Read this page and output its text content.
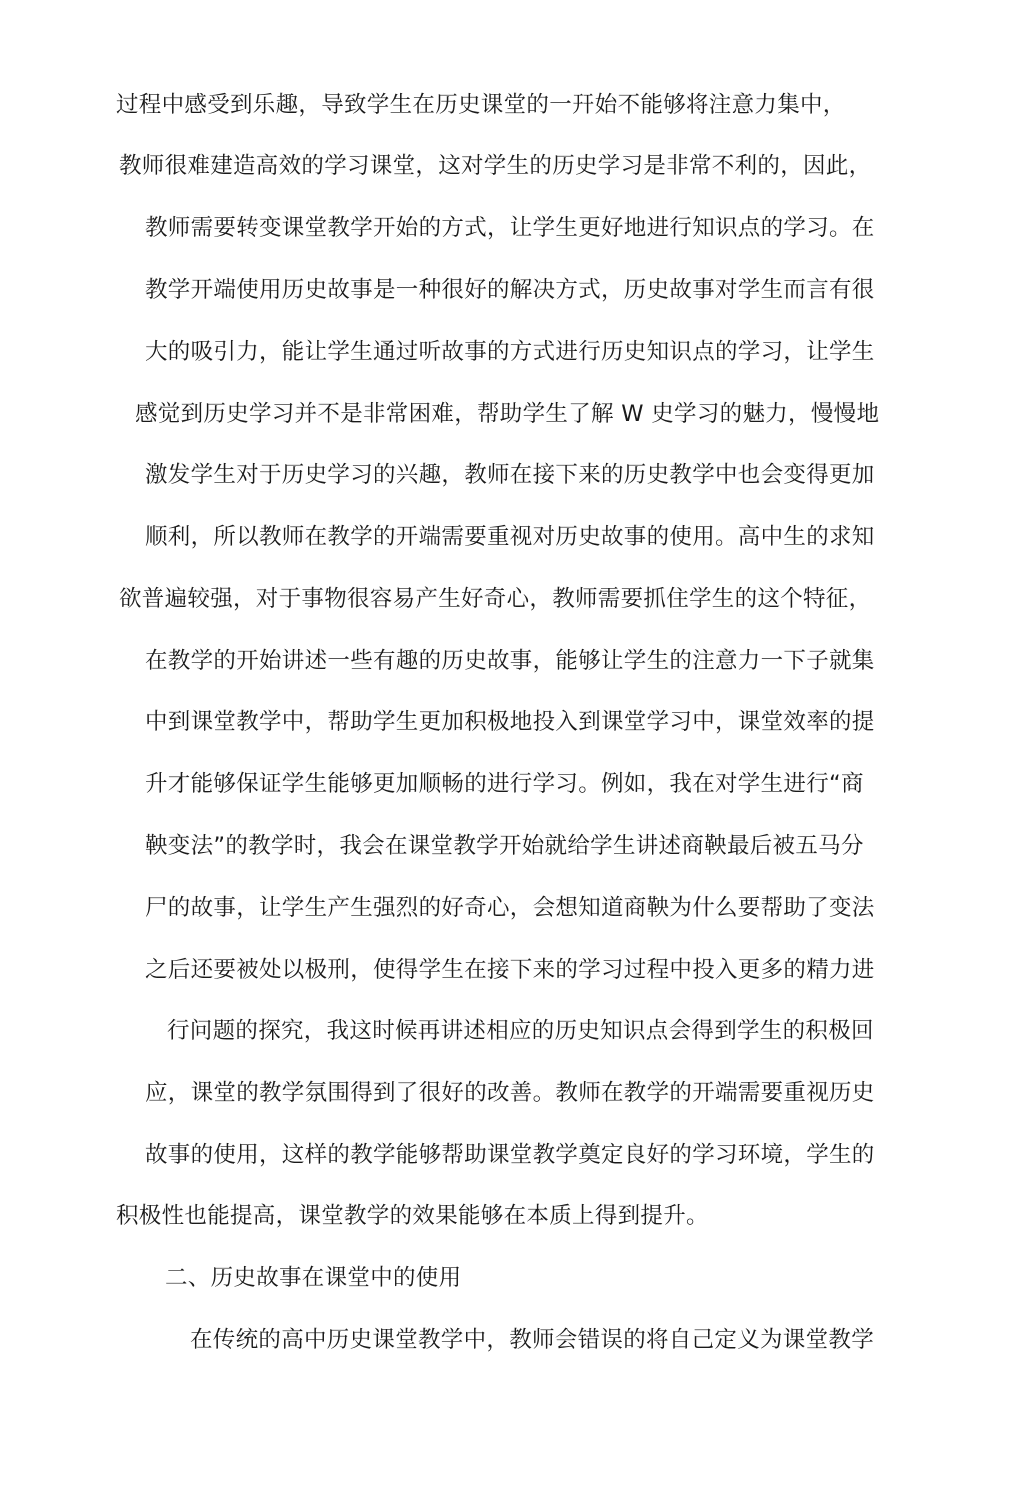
过程中感受到乐趣，导致学生在历史课堂的一幵始不能够将注意力集中，
教师很难建造高效的学习课堂，这对学生的历史学习是非常不利的，因此，
教师需要转变课堂教学开始的方式，让学生更好地进行知识点的学习。在
教学开端使用历史故事是一种很好的解决方式，历史故事对学生而言有很
大的吸引力，能让学生通过听故事的方式进行历史知识点的学习，让学生
感觉到历史学习并不是非常困难，帮助学生了解 W 史学习的魅力，慢慢地
激发学生对于历史学习的兴趣，教师在接下来的历史教学中也会变得更加
顺利，所以教师在教学的开端需要重视对历史故事的使用。高中生的求知
欲普遍较强，对于事物很容易产生好奇心，教师需要抓住学生的这个特征，
在教学的开始讲述一些有趣的历史故事，能够让学生的注意力一下子就集
中到课堂教学中，帮助学生更加积极地投入到课堂学习中，课堂效率的提
升才能够保证学生能够更加顺畅的进行学习。例如，我在对学生进行“商
鞅变法”的教学时，我会在课堂教学开始就给学生讲述商鞅最后被五马分
尸的故事，让学生产生强烈的好奇心，会想知道商鞅为什么要帮助了变法
之后还要被处以极刑，使得学生在接下来的学习过程中投入更多的精力进
行问题的探究，我这时候再讲述相应的历史知识点会得到学生的积极回
应，课堂的教学氛围得到了很好的改善。教师在教学的开端需要重视历史
故事的使用，这样的教学能够帮助课堂教学奠定良好的学习环境，学生的
积极性也能提高，课堂教学的效果能够在本质上得到提升。
二、历史故事在课堂中的使用
在传统的高中历史课堂教学中，教师会错误的将自己定义为课堂教学
